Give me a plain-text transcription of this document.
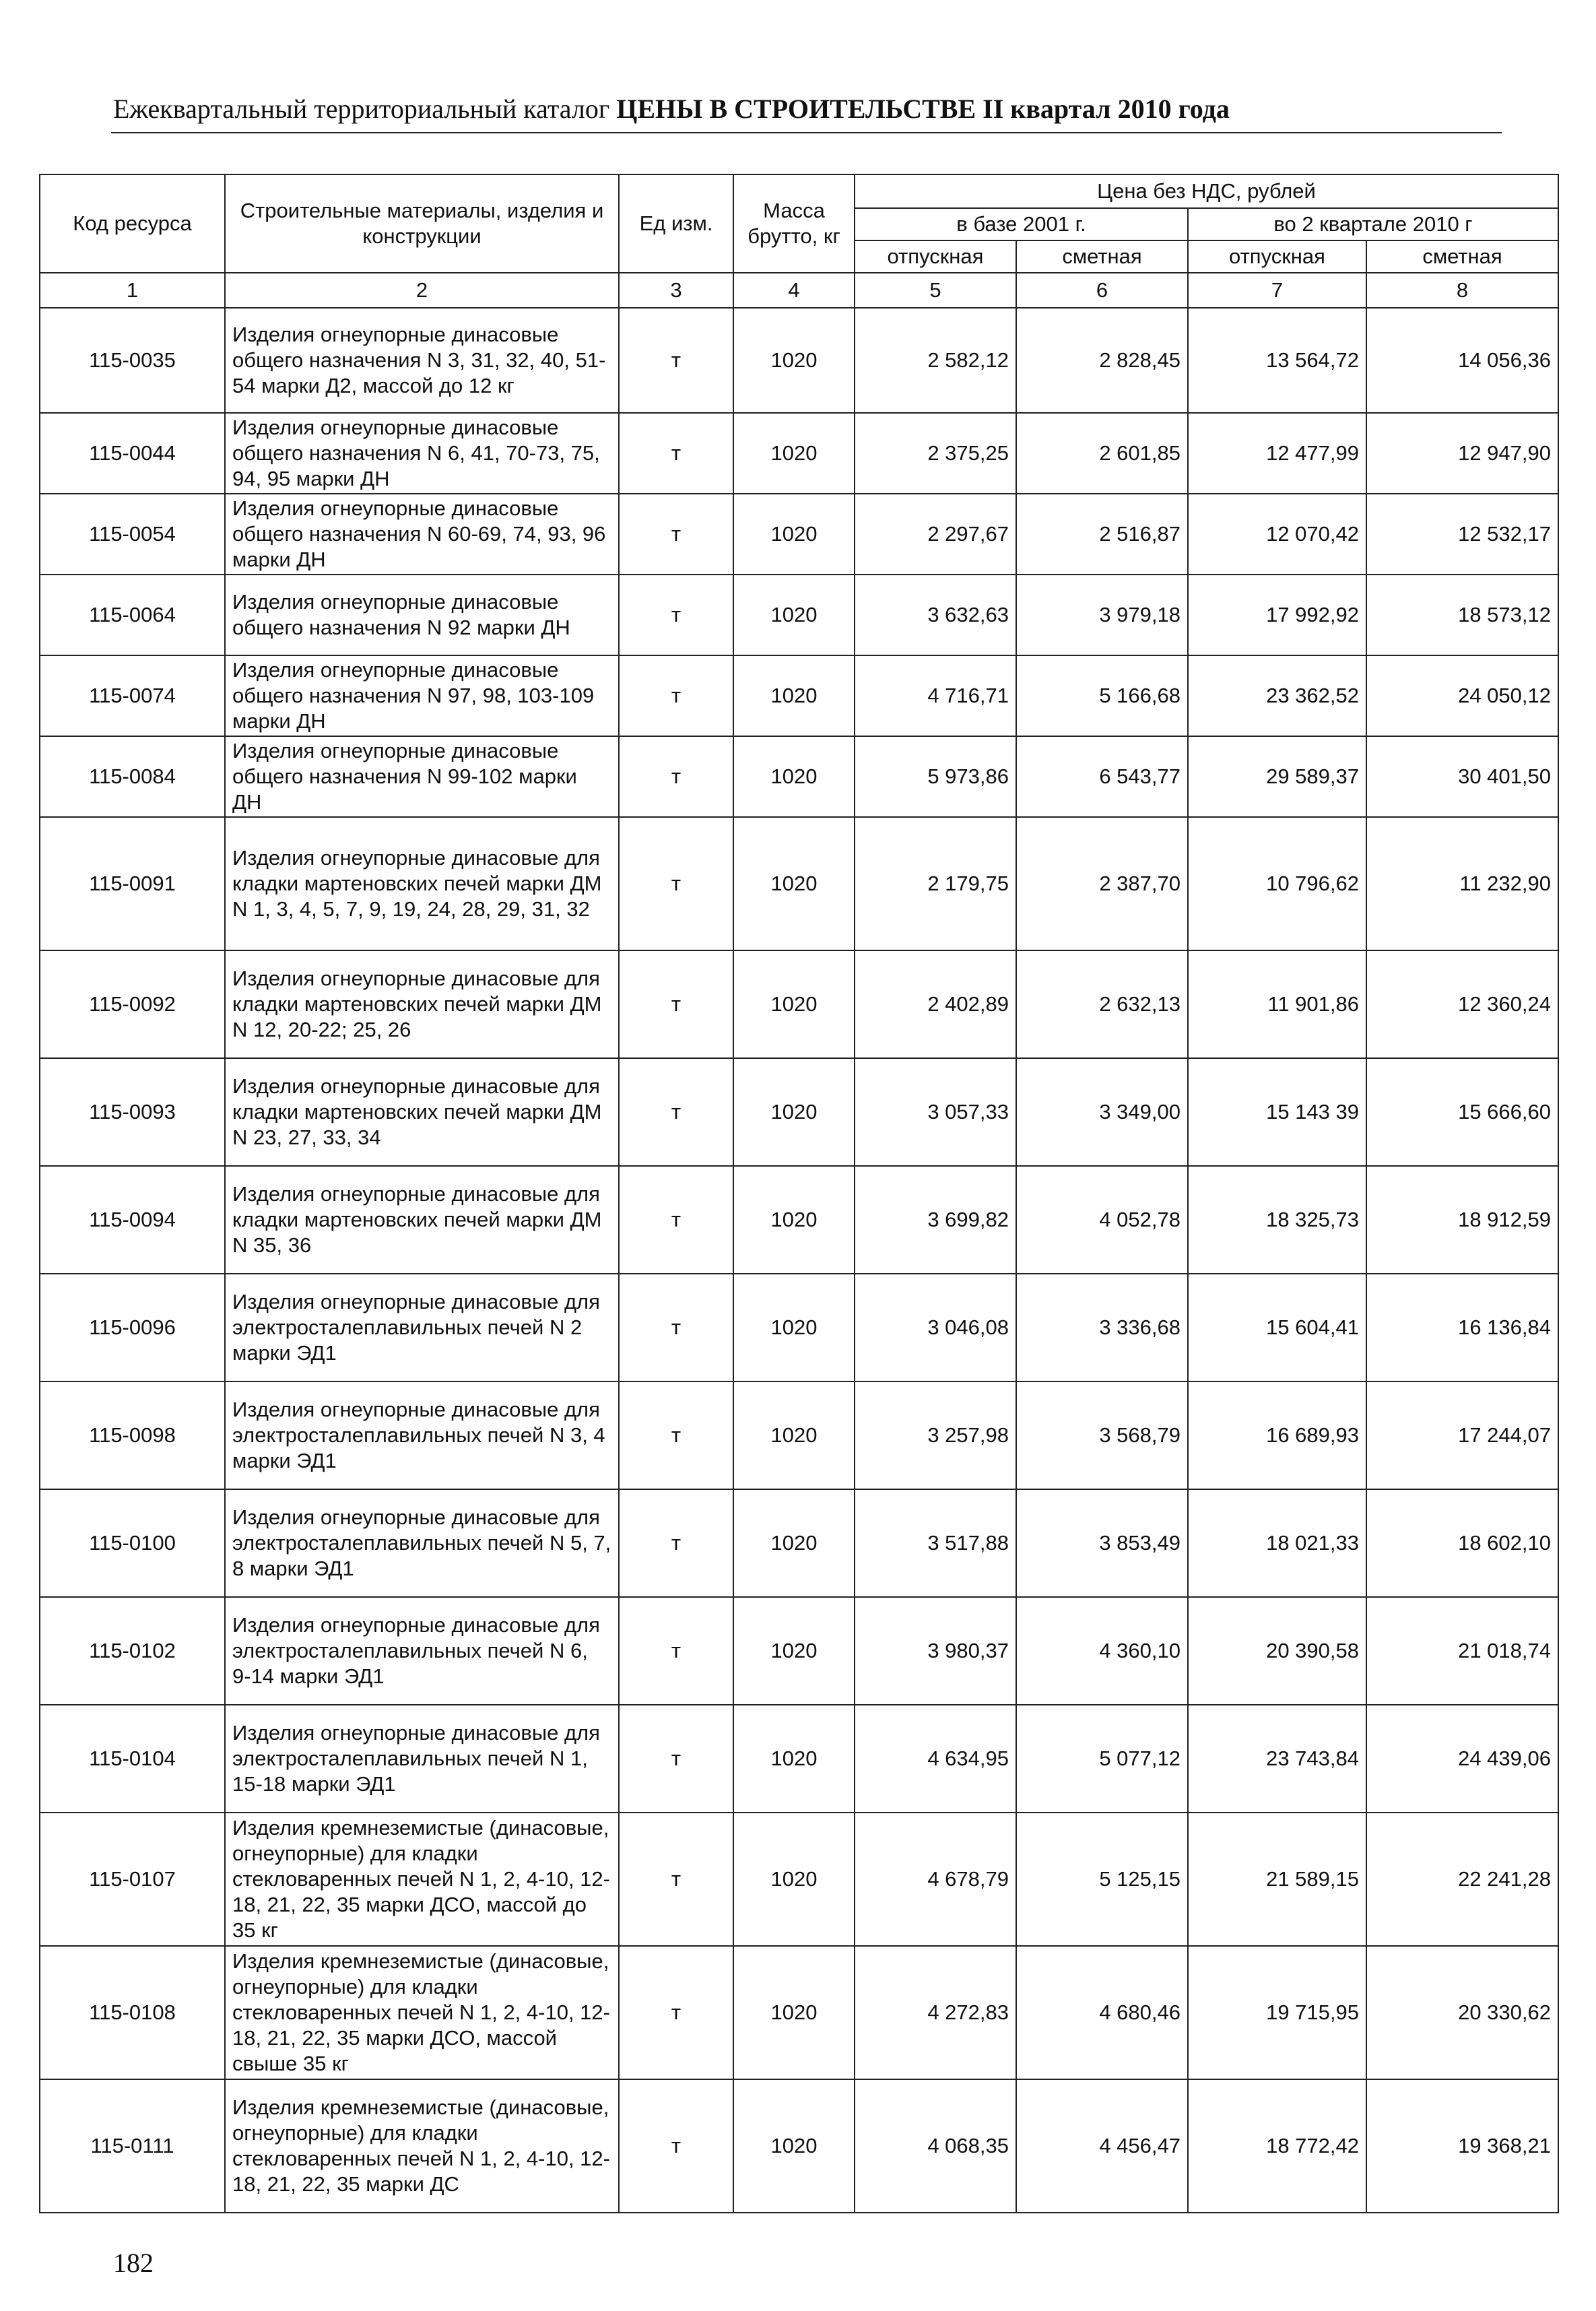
Ежеквартальный территориальный каталог ЦЕНЫ В СТРОИТЕЛЬСТВЕ II квартал 2010 года
Код ресурса	Строительные материалы, изделия и конструкции	Ед изм.	Масса брутто, кг	Цена без НДС, рублей			
				в базе 2001 г.		во 2 квартале 2010 г	
				отпускная	сметная	отпускная	сметная
1	2	3	4	5	6	7	8
115-0035	Изделия огнеупорные динасовые общего назначения N 3, 31, 32, 40, 51-54 марки Д2, массой до 12 кг	т	1020	2 582,12	2 828,45	13 564,72	14 056,36
115-0044	Изделия огнеупорные динасовые общего назначения N 6, 41, 70-73, 75, 94, 95 марки ДН	т	1020	2 375,25	2 601,85	12 477,99	12 947,90
115-0054	Изделия огнеупорные динасовые общего назначения N 60-69, 74, 93, 96 марки ДН	т	1020	2 297,67	2 516,87	12 070,42	12 532,17
115-0064	Изделия огнеупорные динасовые общего назначения N 92 марки ДН	т	1020	3 632,63	3 979,18	17 992,92	18 573,12
115-0074	Изделия огнеупорные динасовые общего назначения N 97, 98, 103-109 марки ДН	т	1020	4 716,71	5 166,68	23 362,52	24 050,12
115-0084	Изделия огнеупорные динасовые общего назначения N 99-102 марки ДН	т	1020	5 973,86	6 543,77	29 589,37	30 401,50
115-0091	Изделия огнеупорные динасовые для кладки мартеновских печей марки ДМ N 1, 3, 4, 5, 7, 9, 19, 24, 28, 29, 31, 32	т	1020	2 179,75	2 387,70	10 796,62	11 232,90
115-0092	Изделия огнеупорные динасовые для кладки мартеновских печей марки ДМ N 12, 20-22; 25, 26	т	1020	2 402,89	2 632,13	11 901,86	12 360,24
115-0093	Изделия огнеупорные динасовые для кладки мартеновских печей марки ДМ N 23, 27, 33, 34	т	1020	3 057,33	3 349,00	15 143 39	15 666,60
115-0094	Изделия огнеупорные динасовые для кладки мартеновских печей марки ДМ N 35, 36	т	1020	3 699,82	4 052,78	18 325,73	18 912,59
115-0096	Изделия огнеупорные динасовые для электросталеплавильных печей N 2 марки ЭД1	т	1020	3 046,08	3 336,68	15 604,41	16 136,84
115-0098	Изделия огнеупорные динасовые для электросталеплавильных печей N 3, 4 марки ЭД1	т	1020	3 257,98	3 568,79	16 689,93	17 244,07
115-0100	Изделия огнеупорные динасовые для электросталеплавильных печей N 5, 7, 8 марки ЭД1	т	1020	3 517,88	3 853,49	18 021,33	18 602,10
115-0102	Изделия огнеупорные динасовые для электросталеплавильных печей N 6, 9-14 марки ЭД1	т	1020	3 980,37	4 360,10	20 390,58	21 018,74
115-0104	Изделия огнеупорные динасовые для электросталеплавильных печей N 1, 15-18 марки ЭД1	т	1020	4 634,95	5 077,12	23 743,84	24 439,06
115-0107	Изделия кремнеземистые (динасовые, огнеупорные) для кладки стекловаренных печей N 1, 2, 4-10, 12-18, 21, 22, 35 марки ДСО, массой до 35 кг	т	1020	4 678,79	5 125,15	21 589,15	22 241,28
115-0108	Изделия кремнеземистые (динасовые, огнеупорные) для кладки стекловаренных печей N 1, 2, 4-10, 12-18, 21, 22, 35 марки ДСО, массой свыше 35 кг	т	1020	4 272,83	4 680,46	19 715,95	20 330,62
115-0111	Изделия кремнеземистые (динасовые, огнеупорные) для кладки стекловаренных печей N 1, 2, 4-10, 12-18, 21, 22, 35 марки ДС	т	1020	4 068,35	4 456,47	18 772,42	19 368,21
182
